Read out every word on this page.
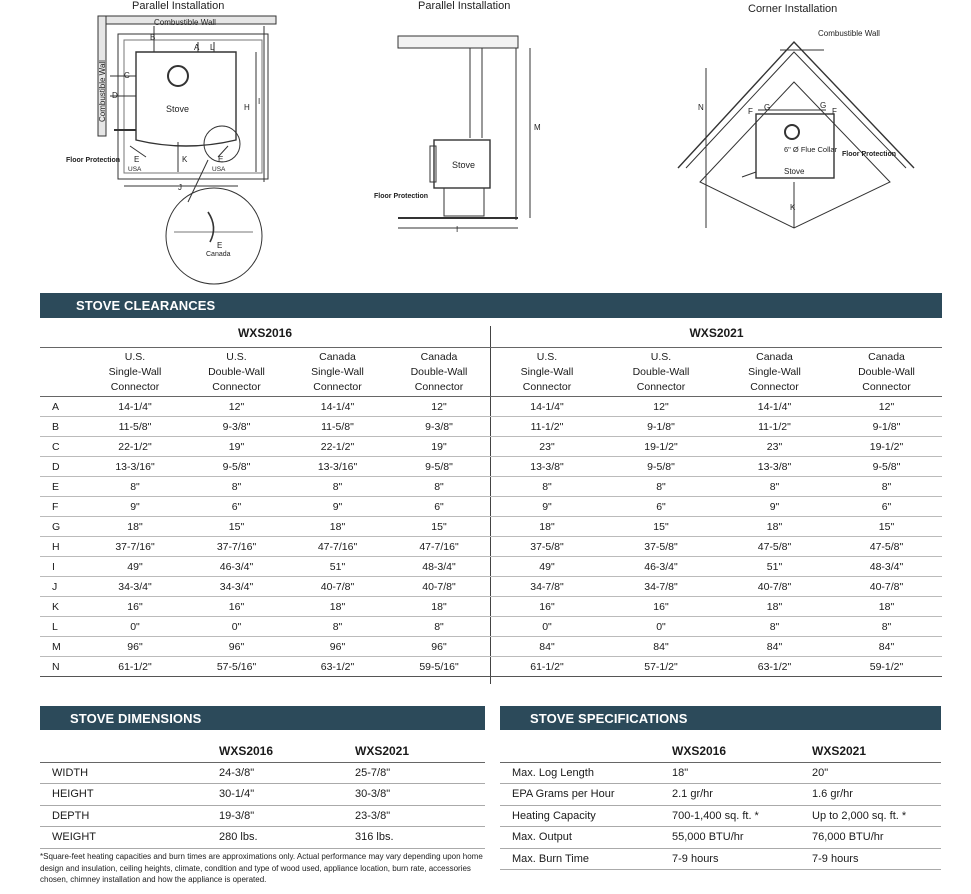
Parallel Installation
Combustible Wall
Combustible Wall	Stove
Floor Protection
B
A L
C
D
H
I
E
USA
K	E
USA
J
E
Canada
Parallel Installation
Stove
M
I
Floor Protection
Corner Installation
Combustible Wall
N	F G	G
F
6" Ø Flue Collar
Stove
Floor Protection
K
STOVE CLEARANCES
WXS2016	WXS2021
	U.S.
Single-Wall
Connector	U.S.
Double-Wall
Connector	Canada
Single-Wall
Connector	Canada
Double-Wall
Connector	U.S.
Single-Wall
Connector	U.S.
Double-Wall
Connector	Canada
Single-Wall
Connector	Canada
Double-Wall
Connector
A	14-1/4"	12"	14-1/4"	12"	14-1/4"	12"	14-1/4"	12"
B	11-5/8"	9-3/8"	11-5/8"	9-3/8"	11-1/2"	9-1/8"	11-1/2"	9-1/8"
C	22-1/2"	19"	22-1/2"	19"	23"	19-1/2"	23"	19-1/2"
D	13-3/16"	9-5/8"	13-3/16"	9-5/8"	13-3/8"	9-5/8"	13-3/8"	9-5/8"
E	8"	8"	8"	8"	8"	8"	8"	8"
F	9"	6"	9"	6"	9"	6"	9"	6"
G	18"	15"	18"	15"	18"	15"	18"	15"
H	37-7/16"	37-7/16"	47-7/16"	47-7/16"	37-5/8"	37-5/8"	47-5/8"	47-5/8"
I	49"	46-3/4"	51"	48-3/4"	49"	46-3/4"	51"	48-3/4"
J	34-3/4"	34-3/4"	40-7/8"	40-7/8"	34-7/8"	34-7/8"	40-7/8"	40-7/8"
K	16"	16"	18"	18"	16"	16"	18"	18"
L	0"	0"	8"	8"	0"	0"	8"	8"
M	96"	96"	96"	96"	84"	84"	84"	84"
N	61-1/2"	57-5/16"	63-1/2"	59-5/16"	61-1/2"	57-1/2"	63-1/2"	59-1/2"
STOVE DIMENSIONS
	WXS2016	WXS2021
WIDTH	24-3/8"	25-7/8"
HEIGHT	30-1/4"	30-3/8"
DEPTH	19-3/8"	23-3/8"
WEIGHT	280 lbs.	316 lbs.
*Square-feet heating capacities and burn times are approximations only. Actual performance may vary depending upon home design and insulation, ceiling heights, climate, condition and type of wood used, appliance location, burn rate, accessories chosen, chimney installation and how the appliance is operated.
STOVE SPECIFICATIONS
	WXS2016	WXS2021
Max. Log Length	18"	20"
EPA Grams per Hour	2.1 gr/hr	1.6 gr/hr
Heating Capacity	700-1,400 sq. ft. *	Up to 2,000 sq. ft. *
Max. Output	55,000 BTU/hr	76,000 BTU/hr
Max. Burn Time	7-9 hours	7-9 hours
